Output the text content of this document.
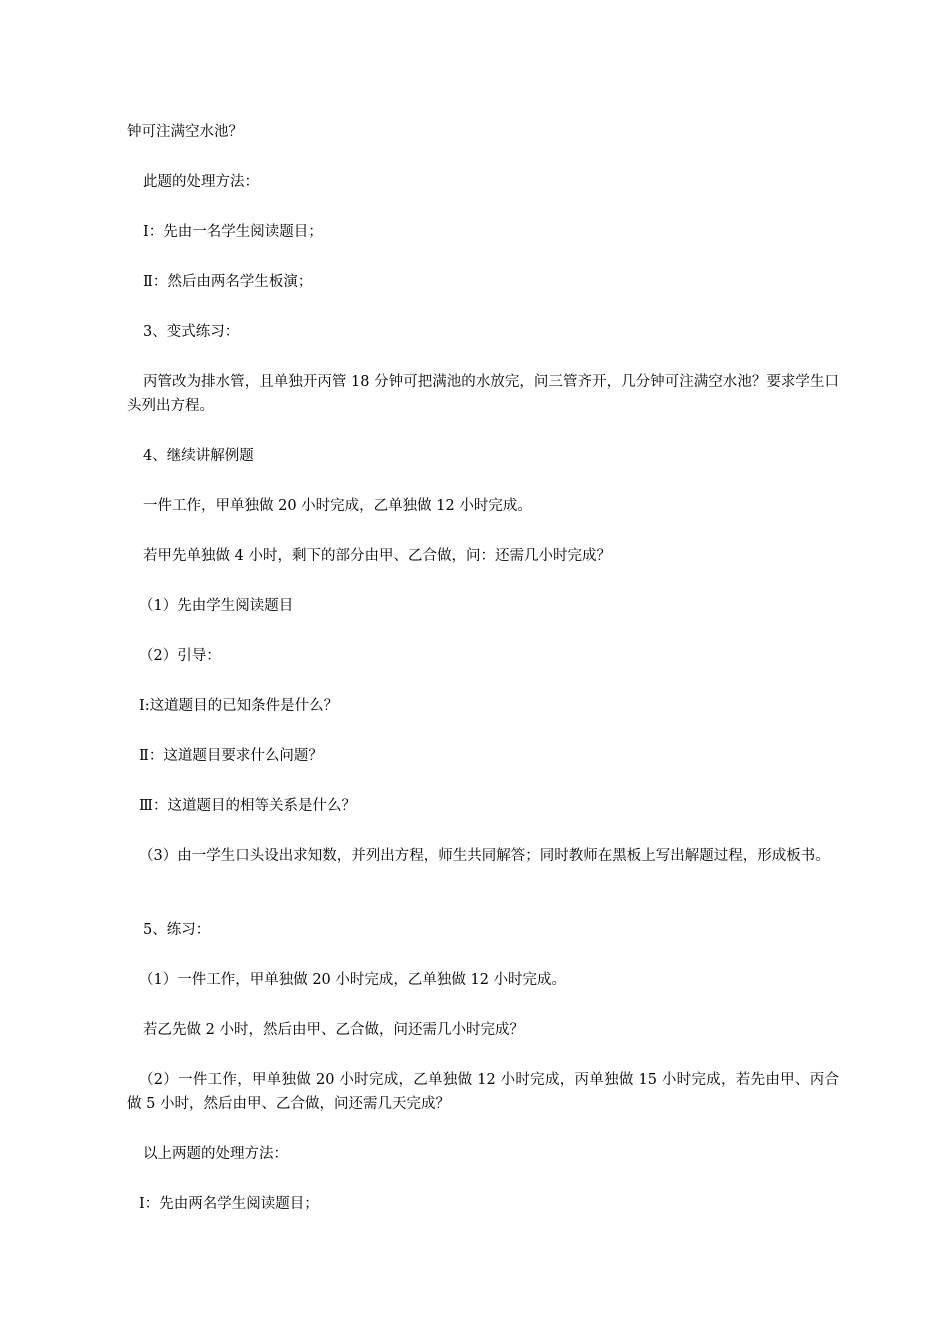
钟可注满空水池？

此题的处理方法：

Ⅰ：先由一名学生阅读题目；

Ⅱ：然后由两名学生板演；

3、变式练习：

丙管改为排水管，且单独开丙管 18 分钟可把满池的水放完，问三管齐开，几分钟可注满空水池？要求学生口头列出方程。

4、继续讲解例题

一件工作，甲单独做 20 小时完成，乙单独做 12 小时完成。

若甲先单独做 4 小时，剩下的部分由甲、乙合做，问：还需几小时完成？

（1）先由学生阅读题目

（2）引导：

Ⅰ:这道题目的已知条件是什么？

Ⅱ：这道题目要求什么问题？

Ⅲ：这道题目的相等关系是什么？

（3）由一学生口头设出求知数，并列出方程，师生共同解答；同时教师在黑板上写出解题过程，形成板书。

5、练习：

（1）一件工作，甲单独做 20 小时完成，乙单独做 12 小时完成。

若乙先做 2 小时，然后由甲、乙合做，问还需几小时完成？

（2）一件工作，甲单独做 20 小时完成，乙单独做 12 小时完成，丙单独做 15 小时完成，若先由甲、丙合做 5 小时，然后由甲、乙合做，问还需几天完成？

以上两题的处理方法：

Ⅰ：先由两名学生阅读题目；
